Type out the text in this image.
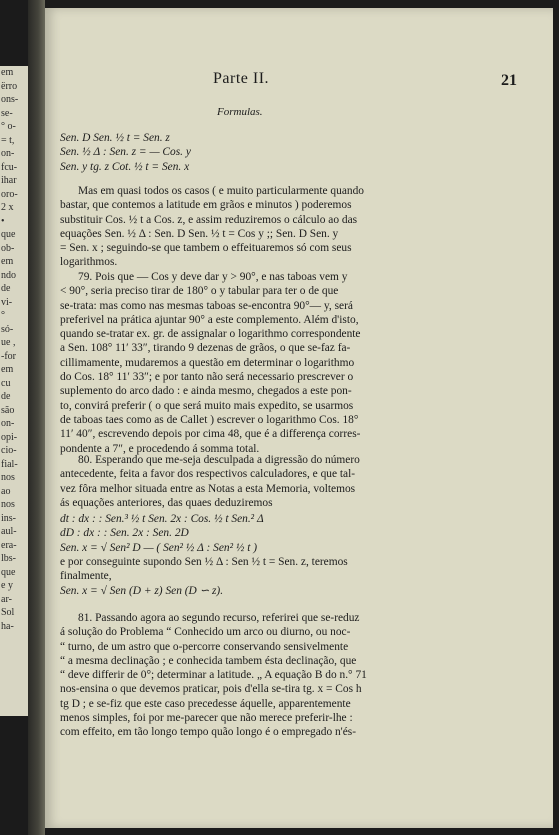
em
ërro
ons-
se-
° o-
= t,
on-
fcu-
ihar
oro-
2 x
•
que
ob-
em
ndo
de
vi-
°
só-
ue ,
-for
em
cu
de
são
on-
opi-
cio-
fial-
nos
ao
nos
ins-
aul-
era-
lbs-
que
e y
ar-
Sol
ha-
Parte II.	21
Formulas.
Sen. D Sen. ½ t = Sen. z
Sen. ½ Δ : Sen. z = — Cos. y
Sen. y tg. z Cot. ½ t = Sen. x
Mas em quasi todos os casos ( e muito particularmente quando
bastar, que contemos a latitude em grãos e minutos ) poderemos
substituir Cos. ½ t a Cos. z, e assim reduziremos o cálculo ao das
equações Sen. ½ Δ : Sen. D Sen. ½ t = Cos y ;; Sen. D Sen. y
= Sen. x ; seguindo-se que tambem o effeituaremos só com seus
logarithmos.
79. Pois que — Cos y deve dar y > 90°, e nas taboas vem y
< 90°, seria preciso tirar de 180° o y tabular para ter o de que
se-trata: mas como nas mesmas taboas se-encontra 90°— y, será
preferivel na prática ajuntar 90° a este complemento. Além d'isto,
quando se-tratar ex. gr. de assignalar o logarithmo correspondente
a Sen. 108° 11′ 33″, tirando 9 dezenas de grãos, o que se-faz fa-
cillimamente, mudaremos a questão em determinar o logarithmo
do Cos. 18° 11′ 33″; e por tanto não será necessario prescrever o
suplemento do arco dado : e ainda mesmo, chegados a este pon-
to, convirá preferir ( o que será muito mais expedito, se usarmos
de taboas taes como as de Callet ) escrever o logarithmo Cos. 18°
11′ 40″, escrevendo depois por cima 48, que é a differença corres-
pondente a 7″, e procedendo á somma total.
80. Esperando que me-seja desculpada a digressão do número
antecedente, feita a favor dos respectivos calculadores, e que tal-
vez fôra melhor situada entre as Notas a esta Memoria, voltemos
ás equações anteriores, das quaes deduziremos
dt : dx : : Sen.³ ½ t Sen. 2x : Cos. ½ t Sen.² Δ
dD : dx : : Sen. 2x : Sen. 2D
Sen. x = √ Sen² D — ( Sen² ½ Δ : Sen² ½ t )
e por conseguinte supondo Sen ½ Δ : Sen ½ t = Sen. z, teremos
finalmente,
Sen. x = √ Sen (D + z) Sen (D ∽ z).
81. Passando agora ao segundo recurso, referirei que se-reduz
á solução do Problema “ Conhecido um arco ou diurno, ou noc-
“ turno, de um astro que o-percorre conservando sensivelmente
“ a mesma declinação ; e conhecida tambem ésta declinação, que
“ deve differir de 0°; determinar a latitude. „ A equação B do n.° 71
nos-ensina o que devemos praticar, pois d'ella se-tira tg. x = Cos h
tg D ; e se-fiz que este caso precedesse áquelle, apparentemente
menos simples, foi por me-parecer que não merece preferir-lhe :
com effeito, em tão longo tempo quão longo é o empregado n'és-
